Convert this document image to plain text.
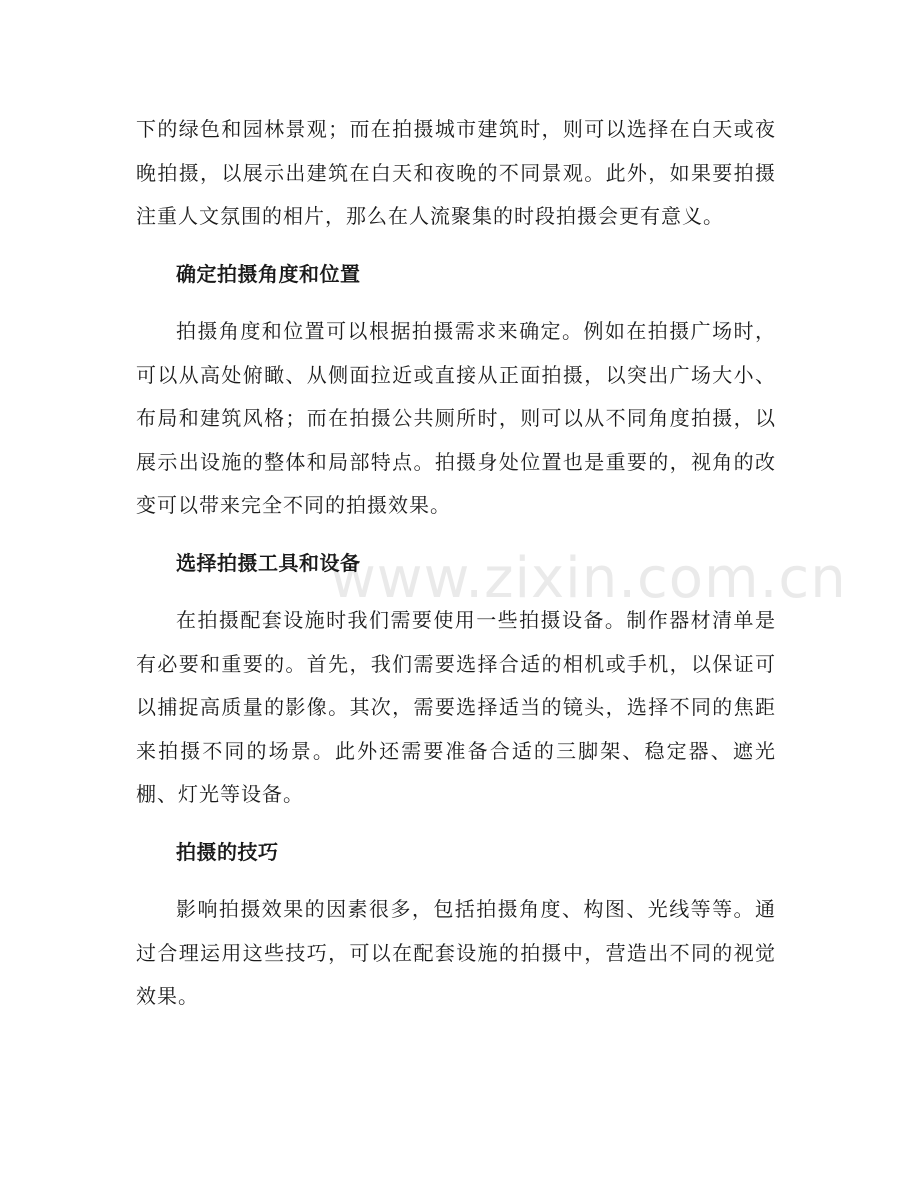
www.zixin.com.cn

下的绿色和园林景观；而在拍摄城市建筑时，则可以选择在白天或夜晚拍摄，以展示出建筑在白天和夜晚的不同景观。此外，如果要拍摄注重人文氛围的相片，那么在人流聚集的时段拍摄会更有意义。

确定拍摄角度和位置

拍摄角度和位置可以根据拍摄需求来确定。例如在拍摄广场时，可以从高处俯瞰、从侧面拉近或直接从正面拍摄，以突出广场大小、布局和建筑风格；而在拍摄公共厕所时，则可以从不同角度拍摄，以展示出设施的整体和局部特点。拍摄身处位置也是重要的，视角的改变可以带来完全不同的拍摄效果。

选择拍摄工具和设备

在拍摄配套设施时我们需要使用一些拍摄设备。制作器材清单是有必要和重要的。首先，我们需要选择合适的相机或手机，以保证可以捕捉高质量的影像。其次，需要选择适当的镜头，选择不同的焦距来拍摄不同的场景。此外还需要准备合适的三脚架、稳定器、遮光棚、灯光等设备。

拍摄的技巧

影响拍摄效果的因素很多，包括拍摄角度、构图、光线等等。通过合理运用这些技巧，可以在配套设施的拍摄中，营造出不同的视觉效果。
